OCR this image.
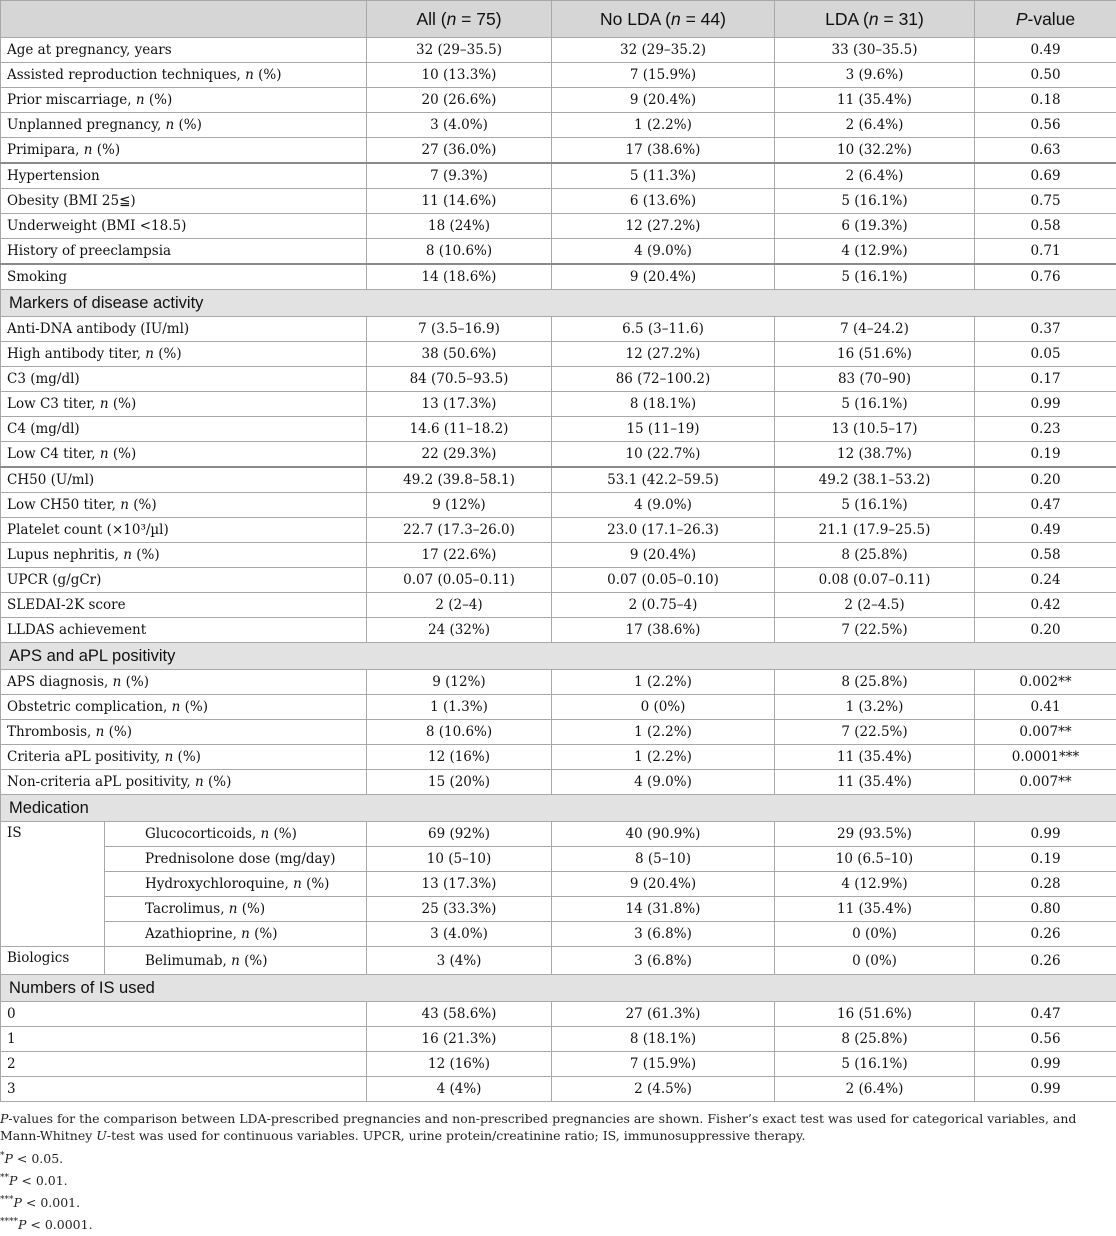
		All (n = 75)	No LDA (n = 44)	LDA (n = 31)	P-value
Age at pregnancy, years		32 (29–35.5)	32 (29–35.2)	33 (30–35.5)	0.49
Assisted reproduction techniques, n (%)		10 (13.3%)	7 (15.9%)	3 (9.6%)	0.50
Prior miscarriage, n (%)		20 (26.6%)	9 (20.4%)	11 (35.4%)	0.18
Unplanned pregnancy, n (%)		3 (4.0%)	1 (2.2%)	2 (6.4%)	0.56
Primipara, n (%)		27 (36.0%)	17 (38.6%)	10 (32.2%)	0.63
Hypertension		7 (9.3%)	5 (11.3%)	2 (6.4%)	0.69
Obesity (BMI 25≦)		11 (14.6%)	6 (13.6%)	5 (16.1%)	0.75
Underweight (BMI <18.5)		18 (24%)	12 (27.2%)	6 (19.3%)	0.58
History of preeclampsia		8 (10.6%)	4 (9.0%)	4 (12.9%)	0.71
Smoking		14 (18.6%)	9 (20.4%)	5 (16.1%)	0.76
Markers of disease activity					
Anti-DNA antibody (IU/ml)		7 (3.5–16.9)	6.5 (3–11.6)	7 (4–24.2)	0.37
High antibody titer, n (%)		38 (50.6%)	12 (27.2%)	16 (51.6%)	0.05
C3 (mg/dl)		84 (70.5–93.5)	86 (72–100.2)	83 (70–90)	0.17
Low C3 titer, n (%)		13 (17.3%)	8 (18.1%)	5 (16.1%)	0.99
C4 (mg/dl)		14.6 (11–18.2)	15 (11–19)	13 (10.5–17)	0.23
Low C4 titer, n (%)		22 (29.3%)	10 (22.7%)	12 (38.7%)	0.19
CH50 (U/ml)		49.2 (39.8–58.1)	53.1 (42.2–59.5)	49.2 (38.1–53.2)	0.20
Low CH50 titer, n (%)		9 (12%)	4 (9.0%)	5 (16.1%)	0.47
Platelet count (×10³/µl)		22.7 (17.3–26.0)	23.0 (17.1–26.3)	21.1 (17.9–25.5)	0.49
Lupus nephritis, n (%)		17 (22.6%)	9 (20.4%)	8 (25.8%)	0.58
UPCR (g/gCr)		0.07 (0.05–0.11)	0.07 (0.05–0.10)	0.08 (0.07–0.11)	0.24
SLEDAI-2K score		2 (2–4)	2 (0.75–4)	2 (2–4.5)	0.42
LLDAS achievement		24 (32%)	17 (38.6%)	7 (22.5%)	0.20
APS and aPL positivity					
APS diagnosis, n (%)		9 (12%)	1 (2.2%)	8 (25.8%)	0.002**
Obstetric complication, n (%)		1 (1.3%)	0 (0%)	1 (3.2%)	0.41
Thrombosis, n (%)		8 (10.6%)	1 (2.2%)	7 (22.5%)	0.007**
Criteria aPL positivity, n (%)		12 (16%)	1 (2.2%)	11 (35.4%)	0.0001***
Non-criteria aPL positivity, n (%)		15 (20%)	4 (9.0%)	11 (35.4%)	0.007**
Medication					
IS	Glucocorticoids, n (%)	69 (92%)	40 (90.9%)	29 (93.5%)	0.99
	Prednisolone dose (mg/day)	10 (5–10)	8 (5–10)	10 (6.5–10)	0.19
	Hydroxychloroquine, n (%)	13 (17.3%)	9 (20.4%)	4 (12.9%)	0.28
	Tacrolimus, n (%)	25 (33.3%)	14 (31.8%)	11 (35.4%)	0.80
	Azathioprine, n (%)	3 (4.0%)	3 (6.8%)	0 (0%)	0.26
Biologics	Belimumab, n (%)	3 (4%)	3 (6.8%)	0 (0%)	0.26
Numbers of IS used					
0		43 (58.6%)	27 (61.3%)	16 (51.6%)	0.47
1		16 (21.3%)	8 (18.1%)	8 (25.8%)	0.56
2		12 (16%)	7 (15.9%)	5 (16.1%)	0.99
3		4 (4%)	2 (4.5%)	2 (6.4%)	0.99

P-values for the comparison between LDA-prescribed pregnancies and non-prescribed pregnancies are shown. Fisher’s exact test was used for categorical variables, and Mann-Whitney U-test was used for continuous variables. UPCR, urine protein/creatinine ratio; IS, immunosuppressive therapy.

*P < 0.05.

**P < 0.01.

***P < 0.001.

****P < 0.0001.
